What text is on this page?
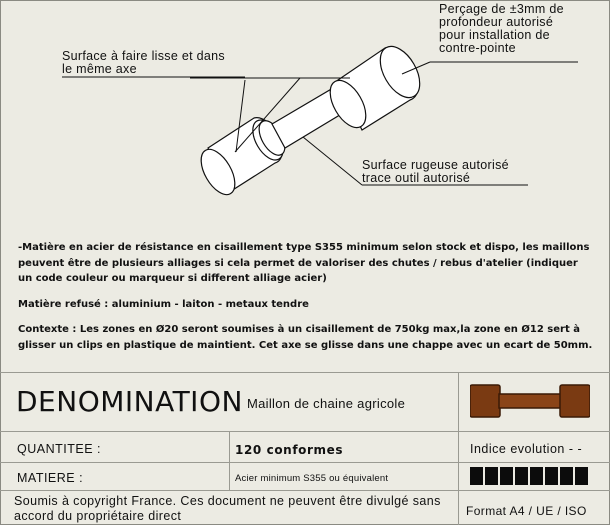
Perçage de ±3mm de
profondeur autorisé
pour installation de
contre-pointe
Surface à faire lisse et dans
le même axe
Surface rugeuse autorisé
trace outil autorisé

-Matière en acier de résistance en cisaillement type S355 minimum selon stock et dispo, les maillons peuvent être de plusieurs alliages si cela permet de valoriser des chutes / rebus d'atelier (indiquer un code couleur ou marqueur si different alliage acier)

Matière refusé : aluminium - laiton - metaux tendre

Contexte : Les zones en Ø20 seront soumises à un cisaillement de 750kg max,la zone en Ø12 sert à glisser un clips en plastique de maintient. Cet axe se glisse dans une chappe avec un ecart de 50mm.

DENOMINATION Maillon de chaine agricole
QUANTITEE :	120 conformes	Indice evolution - -
MATIERE :	Acier minimum S355 ou équivalent
Soumis à copyright France. Ces document ne peuvent être divulgé sans accord du propriétaire direct	Format A4 / UE / ISO
